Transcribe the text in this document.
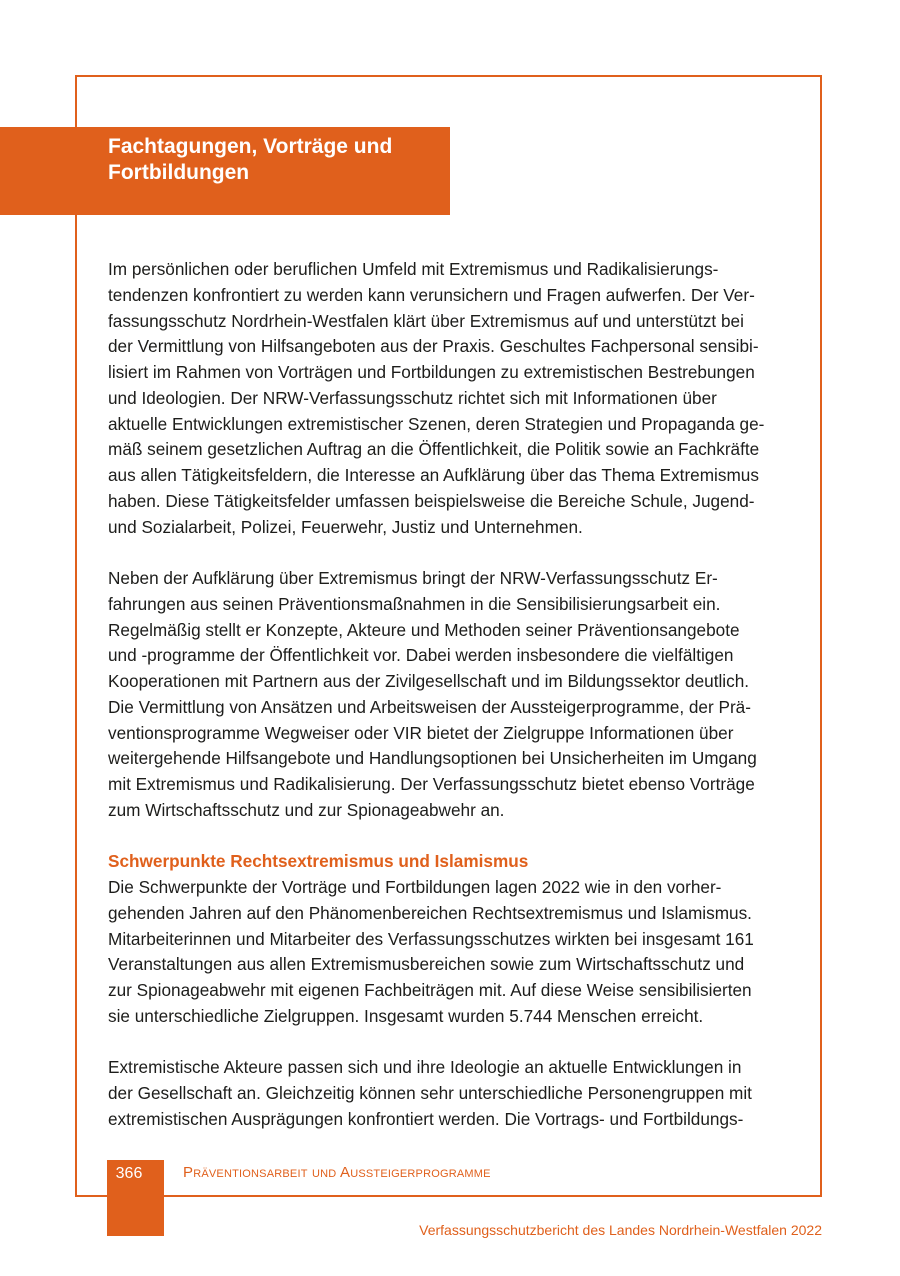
Fachtagungen, Vorträge und
Fortbildungen

Im persönlichen oder beruflichen Umfeld mit Extremismus und Radikalisierungs-
tendenzen konfrontiert zu werden kann verunsichern und Fragen aufwerfen. Der Ver-
fassungsschutz Nordrhein-Westfalen klärt über Extremismus auf und unterstützt bei
der Vermittlung von Hilfsangeboten aus der Praxis. Geschultes Fachpersonal sensibi-
lisiert im Rahmen von Vorträgen und Fortbildungen zu extremistischen Bestrebungen
und Ideologien. Der NRW-Verfassungsschutz richtet sich mit Informationen über
aktuelle Entwicklungen extremistischer Szenen, deren Strategien und Propaganda ge-
mäß seinem gesetzlichen Auftrag an die Öffentlichkeit, die Politik sowie an Fachkräfte
aus allen Tätigkeitsfeldern, die Interesse an Aufklärung über das Thema Extremismus
haben. Diese Tätigkeitsfelder umfassen beispielsweise die Bereiche Schule, Jugend-
und Sozialarbeit, Polizei, Feuerwehr, Justiz und Unternehmen.

Neben der Aufklärung über Extremismus bringt der NRW-Verfassungsschutz Er-
fahrungen aus seinen Präventionsmaßnahmen in die Sensibilisierungsarbeit ein.
Regelmäßig stellt er Konzepte, Akteure und Methoden seiner Präventionsangebote
und -programme der Öffentlichkeit vor. Dabei werden insbesondere die vielfältigen
Kooperationen mit Partnern aus der Zivilgesellschaft und im Bildungssektor deutlich.
Die Vermittlung von Ansätzen und Arbeitsweisen der Aussteigerprogramme, der Prä-
ventionsprogramme Wegweiser oder VIR bietet der Zielgruppe Informationen über
weitergehende Hilfsangebote und Handlungsoptionen bei Unsicherheiten im Umgang
mit Extremismus und Radikalisierung. Der Verfassungsschutz bietet ebenso Vorträge
zum Wirtschaftsschutz und zur Spionageabwehr an.

Schwerpunkte Rechtsextremismus und Islamismus
Die Schwerpunkte der Vorträge und Fortbildungen lagen 2022 wie in den vorher-
gehenden Jahren auf den Phänomenbereichen Rechtsextremismus und Islamismus.
Mitarbeiterinnen und Mitarbeiter des Verfassungsschutzes wirkten bei insgesamt 161
Veranstaltungen aus allen Extremismusbereichen sowie zum Wirtschaftsschutz und
zur Spionageabwehr mit eigenen Fachbeiträgen mit. Auf diese Weise sensibilisierten
sie unterschiedliche Zielgruppen. Insgesamt wurden 5.744 Menschen erreicht.

Extremistische Akteure passen sich und ihre Ideologie an aktuelle Entwicklungen in
der Gesellschaft an. Gleichzeitig können sehr unterschiedliche Personengruppen mit
extremistischen Ausprägungen konfrontiert werden. Die Vortrags- und Fortbildungs-

366	Präventionsarbeit und Aussteigerprogramme
Verfassungsschutzbericht des Landes Nordrhein-Westfalen 2022
